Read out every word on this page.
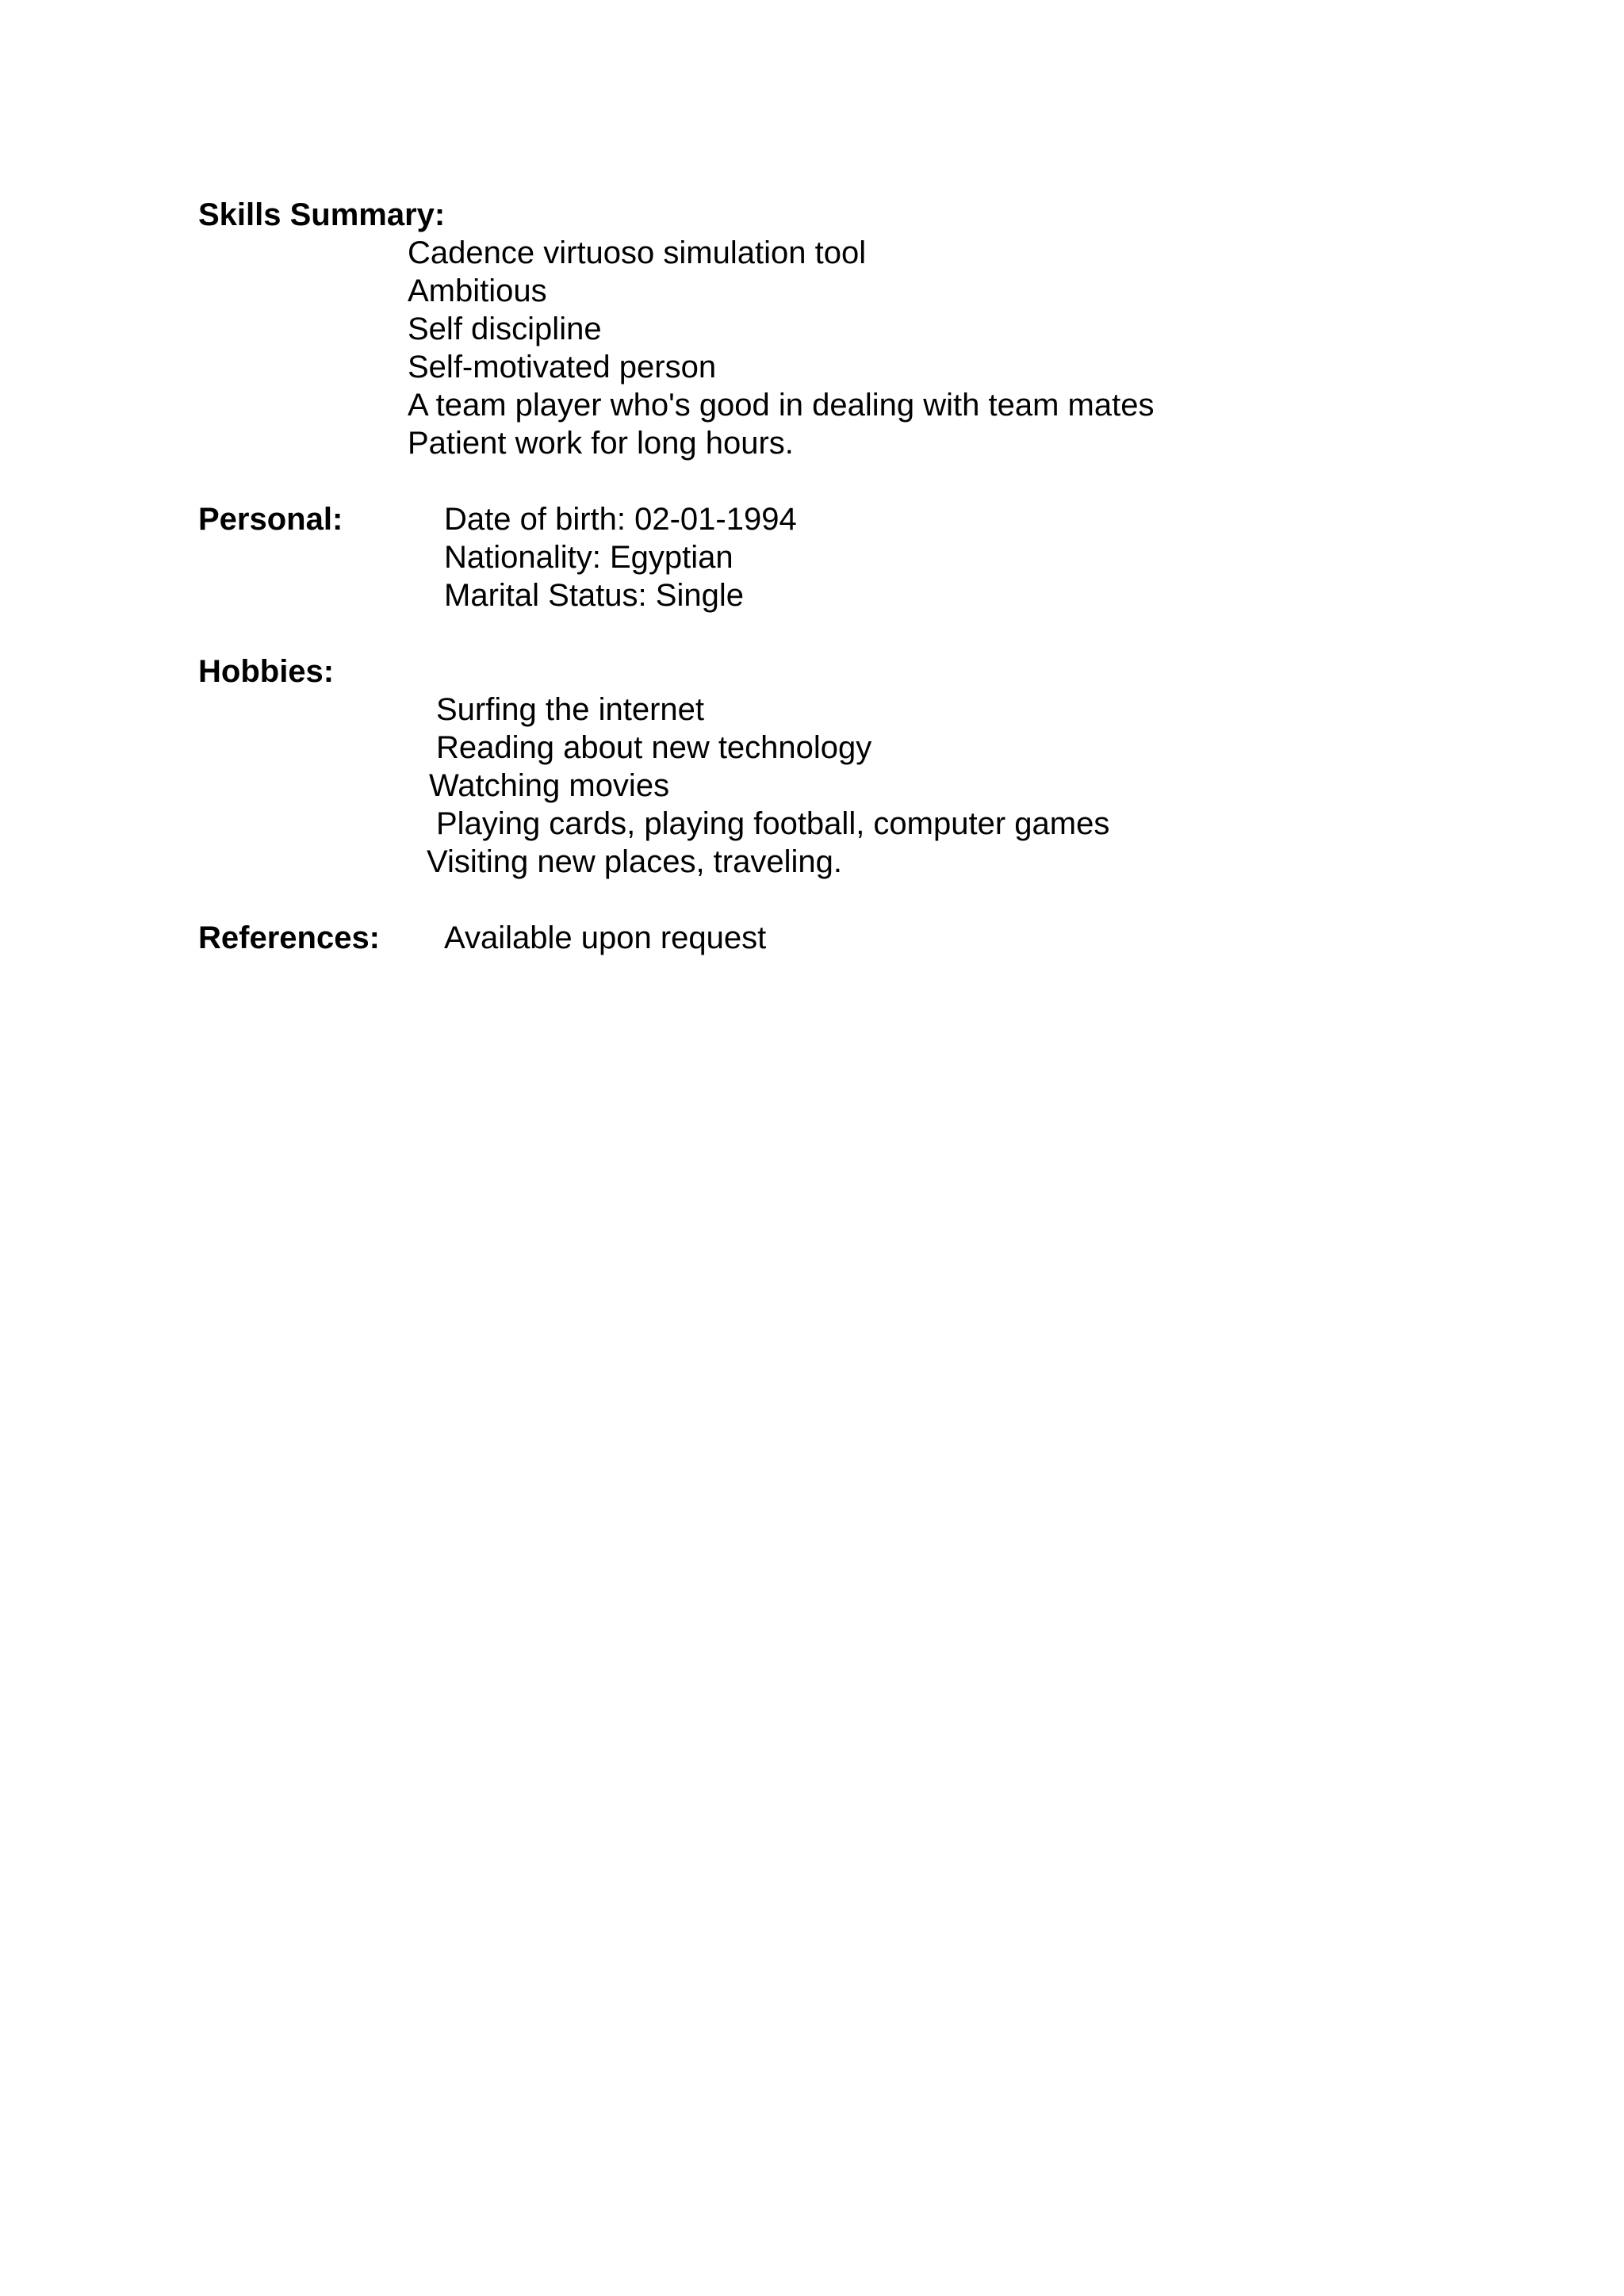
Skills Summary:
Cadence virtuoso simulation tool
Ambitious
Self discipline
Self-motivated person
A team player who's good in dealing with team mates
Patient work for long hours.
Personal:	Date of birth: 02-01-1994
Nationality: Egyptian
Marital Status: Single
Hobbies:
Surfing the internet
Reading about new technology
Watching movies
Playing cards, playing football, computer games
Visiting new places, traveling.
References: Available upon request
